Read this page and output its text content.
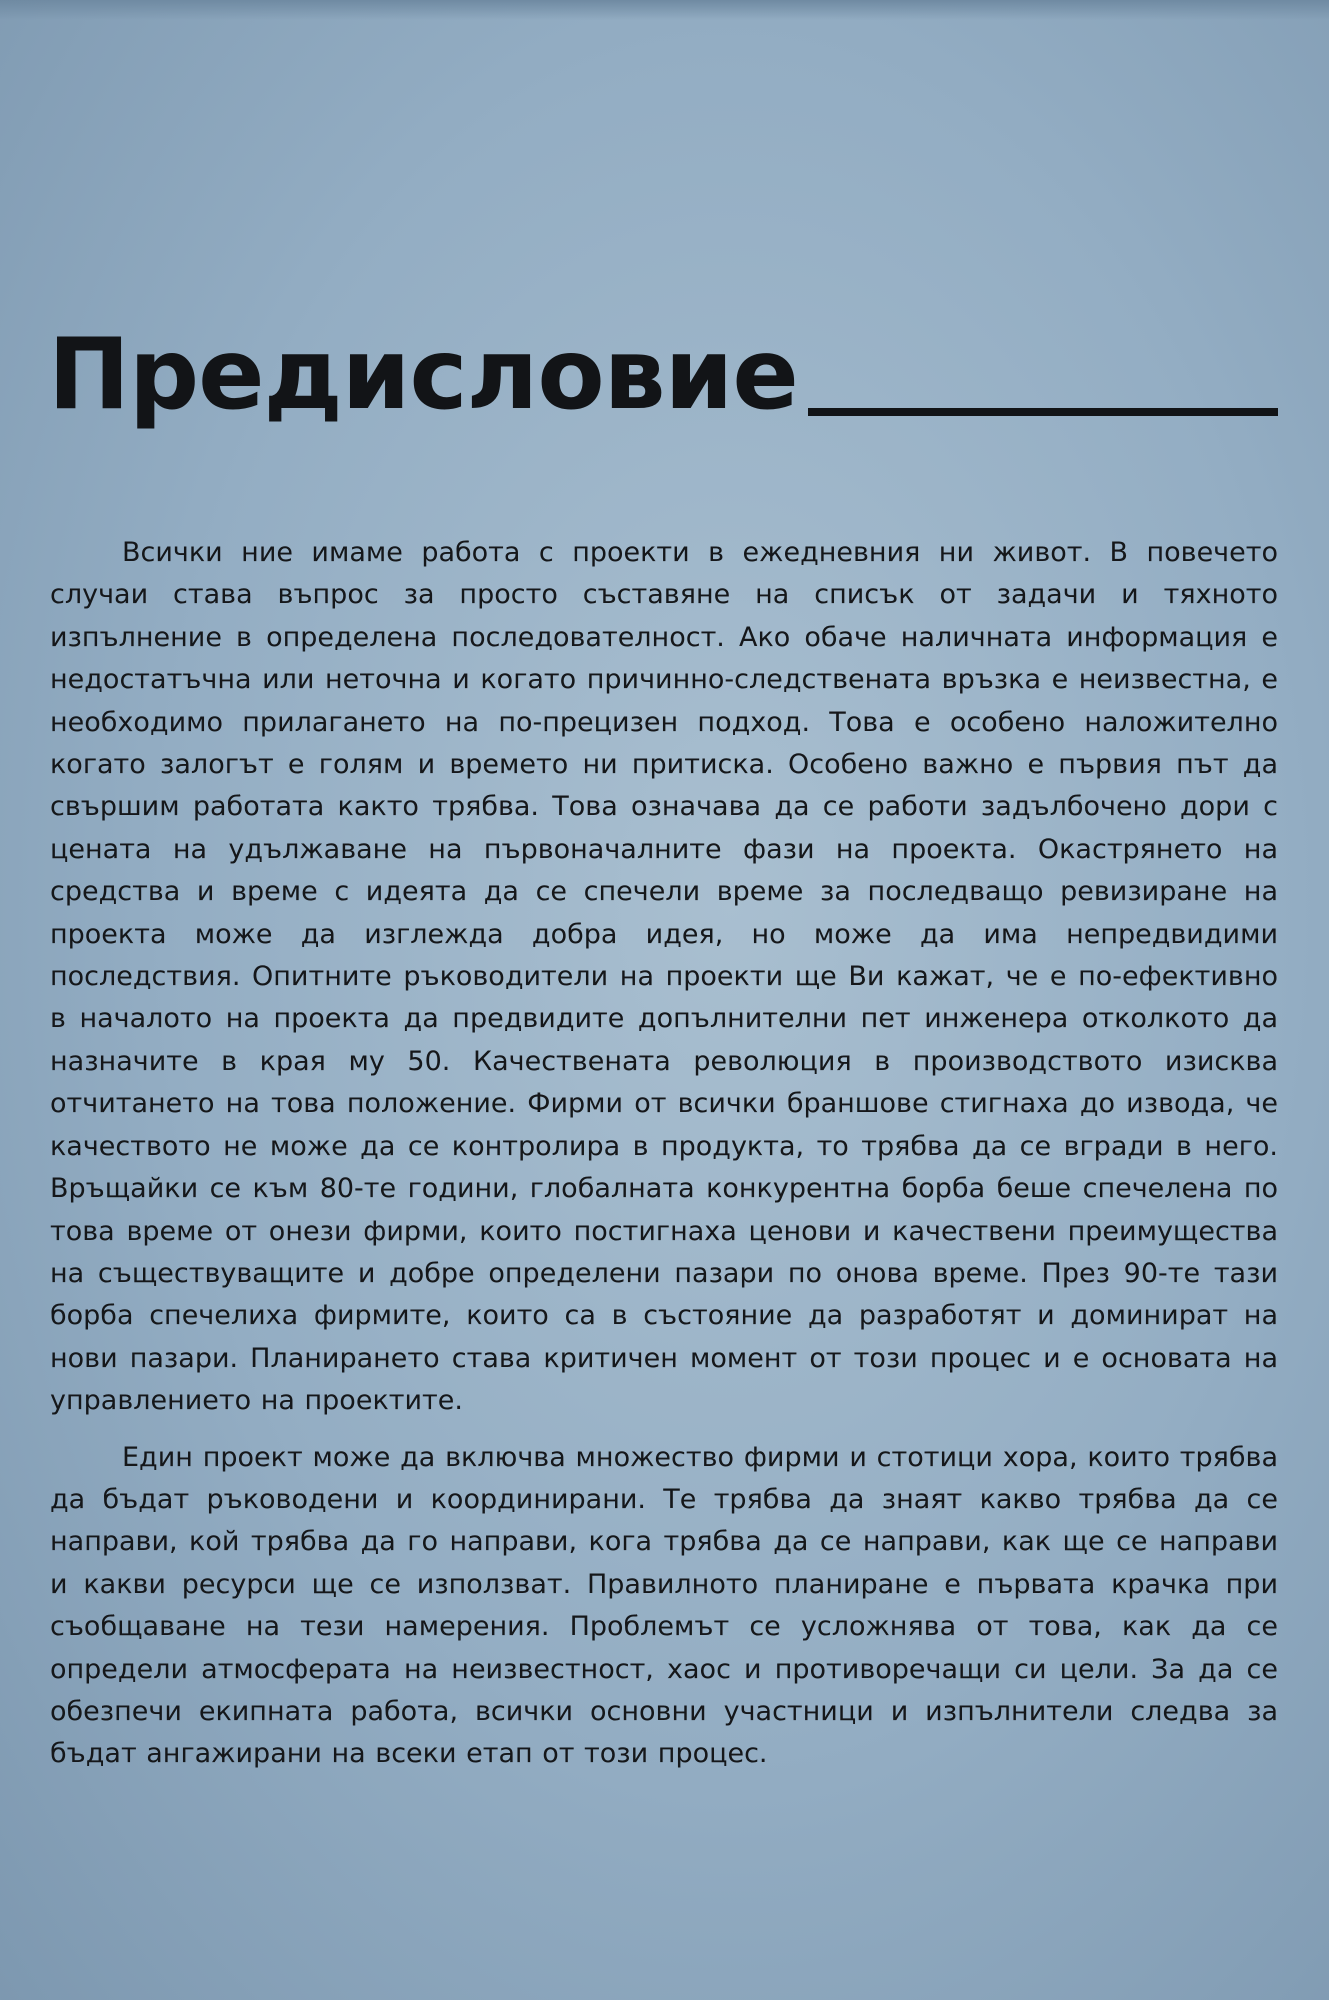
Предисловие

Всички ние имаме работа с проекти в ежедневния ни живот. В повечето случаи става въпрос за просто съставяне на списък от задачи и тяхното изпълнение в определена последователност. Ако обаче наличната информация е недостатъчна или неточна и когато причинно-следствената връзка е неизвестна, е необходимо прилагането на по-прецизен подход. Това е особено наложително когато залогът е голям и времето ни притиска. Особено важно е първия път да свършим работата както трябва. Това означава да се работи задълбочено дори с цената на удължаване на първоначалните фази на проекта. Окастрянето на средства и време с идеята да се спечели време за последващо ревизиране на проекта може да изглежда добра идея, но може да има непредвидими последствия. Опитните ръководители на проекти ще Ви кажат, че е по-ефективно в началото на проекта да предвидите допълнителни пет инженера отколкото да назначите в края му 50. Качествената революция в производството изисква отчитането на това положение. Фирми от всички браншове стигнаха до извода, че качеството не може да се контролира в продукта, то трябва да се вгради в него. Връщайки се към 80-те години, глобалната конкурентна борба беше спечелена по това време от онези фирми, които постигнаха ценови и качествени преимущества на съществуващите и добре определени пазари по онова време. През 90-те тази борба спечелиха фирмите, които са в състояние да разработят и доминират на нови пазари. Планирането става критичен момент от този процес и е основата на управлението на проектите.

Един проект може да включва множество фирми и стотици хора, които трябва да бъдат ръководени и координирани. Те трябва да знаят какво трябва да се направи, кой трябва да го направи, кога трябва да се направи, как ще се направи и какви ресурси ще се използват. Правилното планиране е първата крачка при съобщаване на тези намерения. Проблемът се усложнява от това, как да се определи атмосферата на неизвестност, хаос и противоречащи си цели. За да се обезпечи екипната работа, всички основни участници и изпълнители следва за бъдат ангажирани на всеки етап от този процес.
